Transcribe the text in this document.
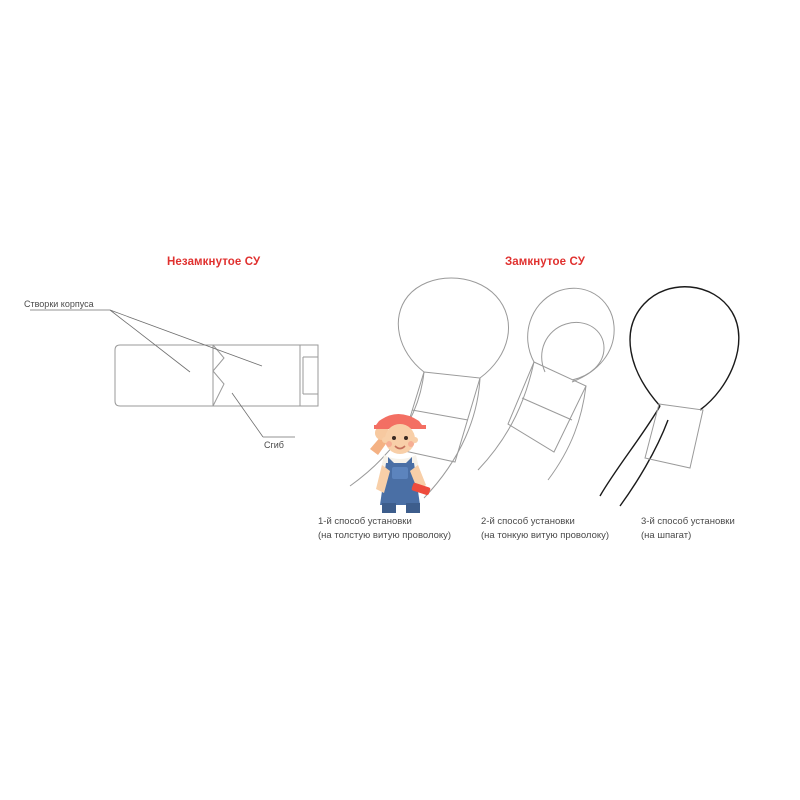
Незамкнутое СУ	Замкнутое СУ
Створки корпуса
Сгиб
1-й способ установки
(на толстую витую проволоку)
2-й способ установки
(на тонкую витую проволоку)
3-й способ установки
(на шпагат)
